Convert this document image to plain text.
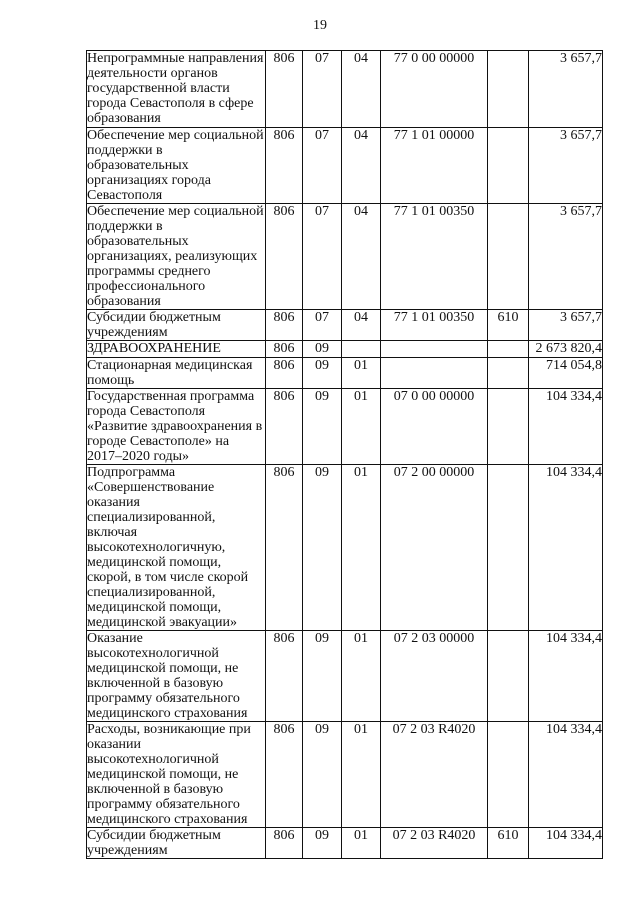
19
Непрограммные направления деятельности органов государственной власти города Севастополя в сфере образования	806	07	04	77 0 00 00000		3 657,7

Обеспечение мер социальной поддержки в образовательных организациях города Севастополя	806	07	04	77 1 01 00000		3 657,7

Обеспечение мер социальной поддержки в образовательных организациях, реализующих программы среднего профессионального образования	806	07	04	77 1 01 00350		3 657,7

Субсидии бюджетным учреждениям	806	07	04	77 1 01 00350	610	3 657,7

ЗДРАВООХРАНЕНИЕ	806	09				2 673 820,4

Стационарная медицинская помощь	806	09	01			714 054,8

Государственная программа города Севастополя «Развитие здравоохранения в городе Севастополе» на 2017–2020 годы»	806	09	01	07 0 00 00000		104 334,4

Подпрограмма «Совершенствование оказания специализированной, включая высокотехнологичную, медицинской помощи, скорой, в том числе скорой специализированной, медицинской помощи, медицинской эвакуации»	806	09	01	07 2 00 00000		104 334,4

Оказание высокотехнологичной медицинской помощи, не включенной в базовую программу обязательного медицинского страхования	806	09	01	07 2 03 00000		104 334,4

Расходы, возникающие при оказании высокотехнологичной медицинской помощи, не включенной в базовую программу обязательного медицинского страхования	806	09	01	07 2 03 R4020		104 334,4

Субсидии бюджетным учреждениям	806	09	01	07 2 03 R4020	610	104 334,4
